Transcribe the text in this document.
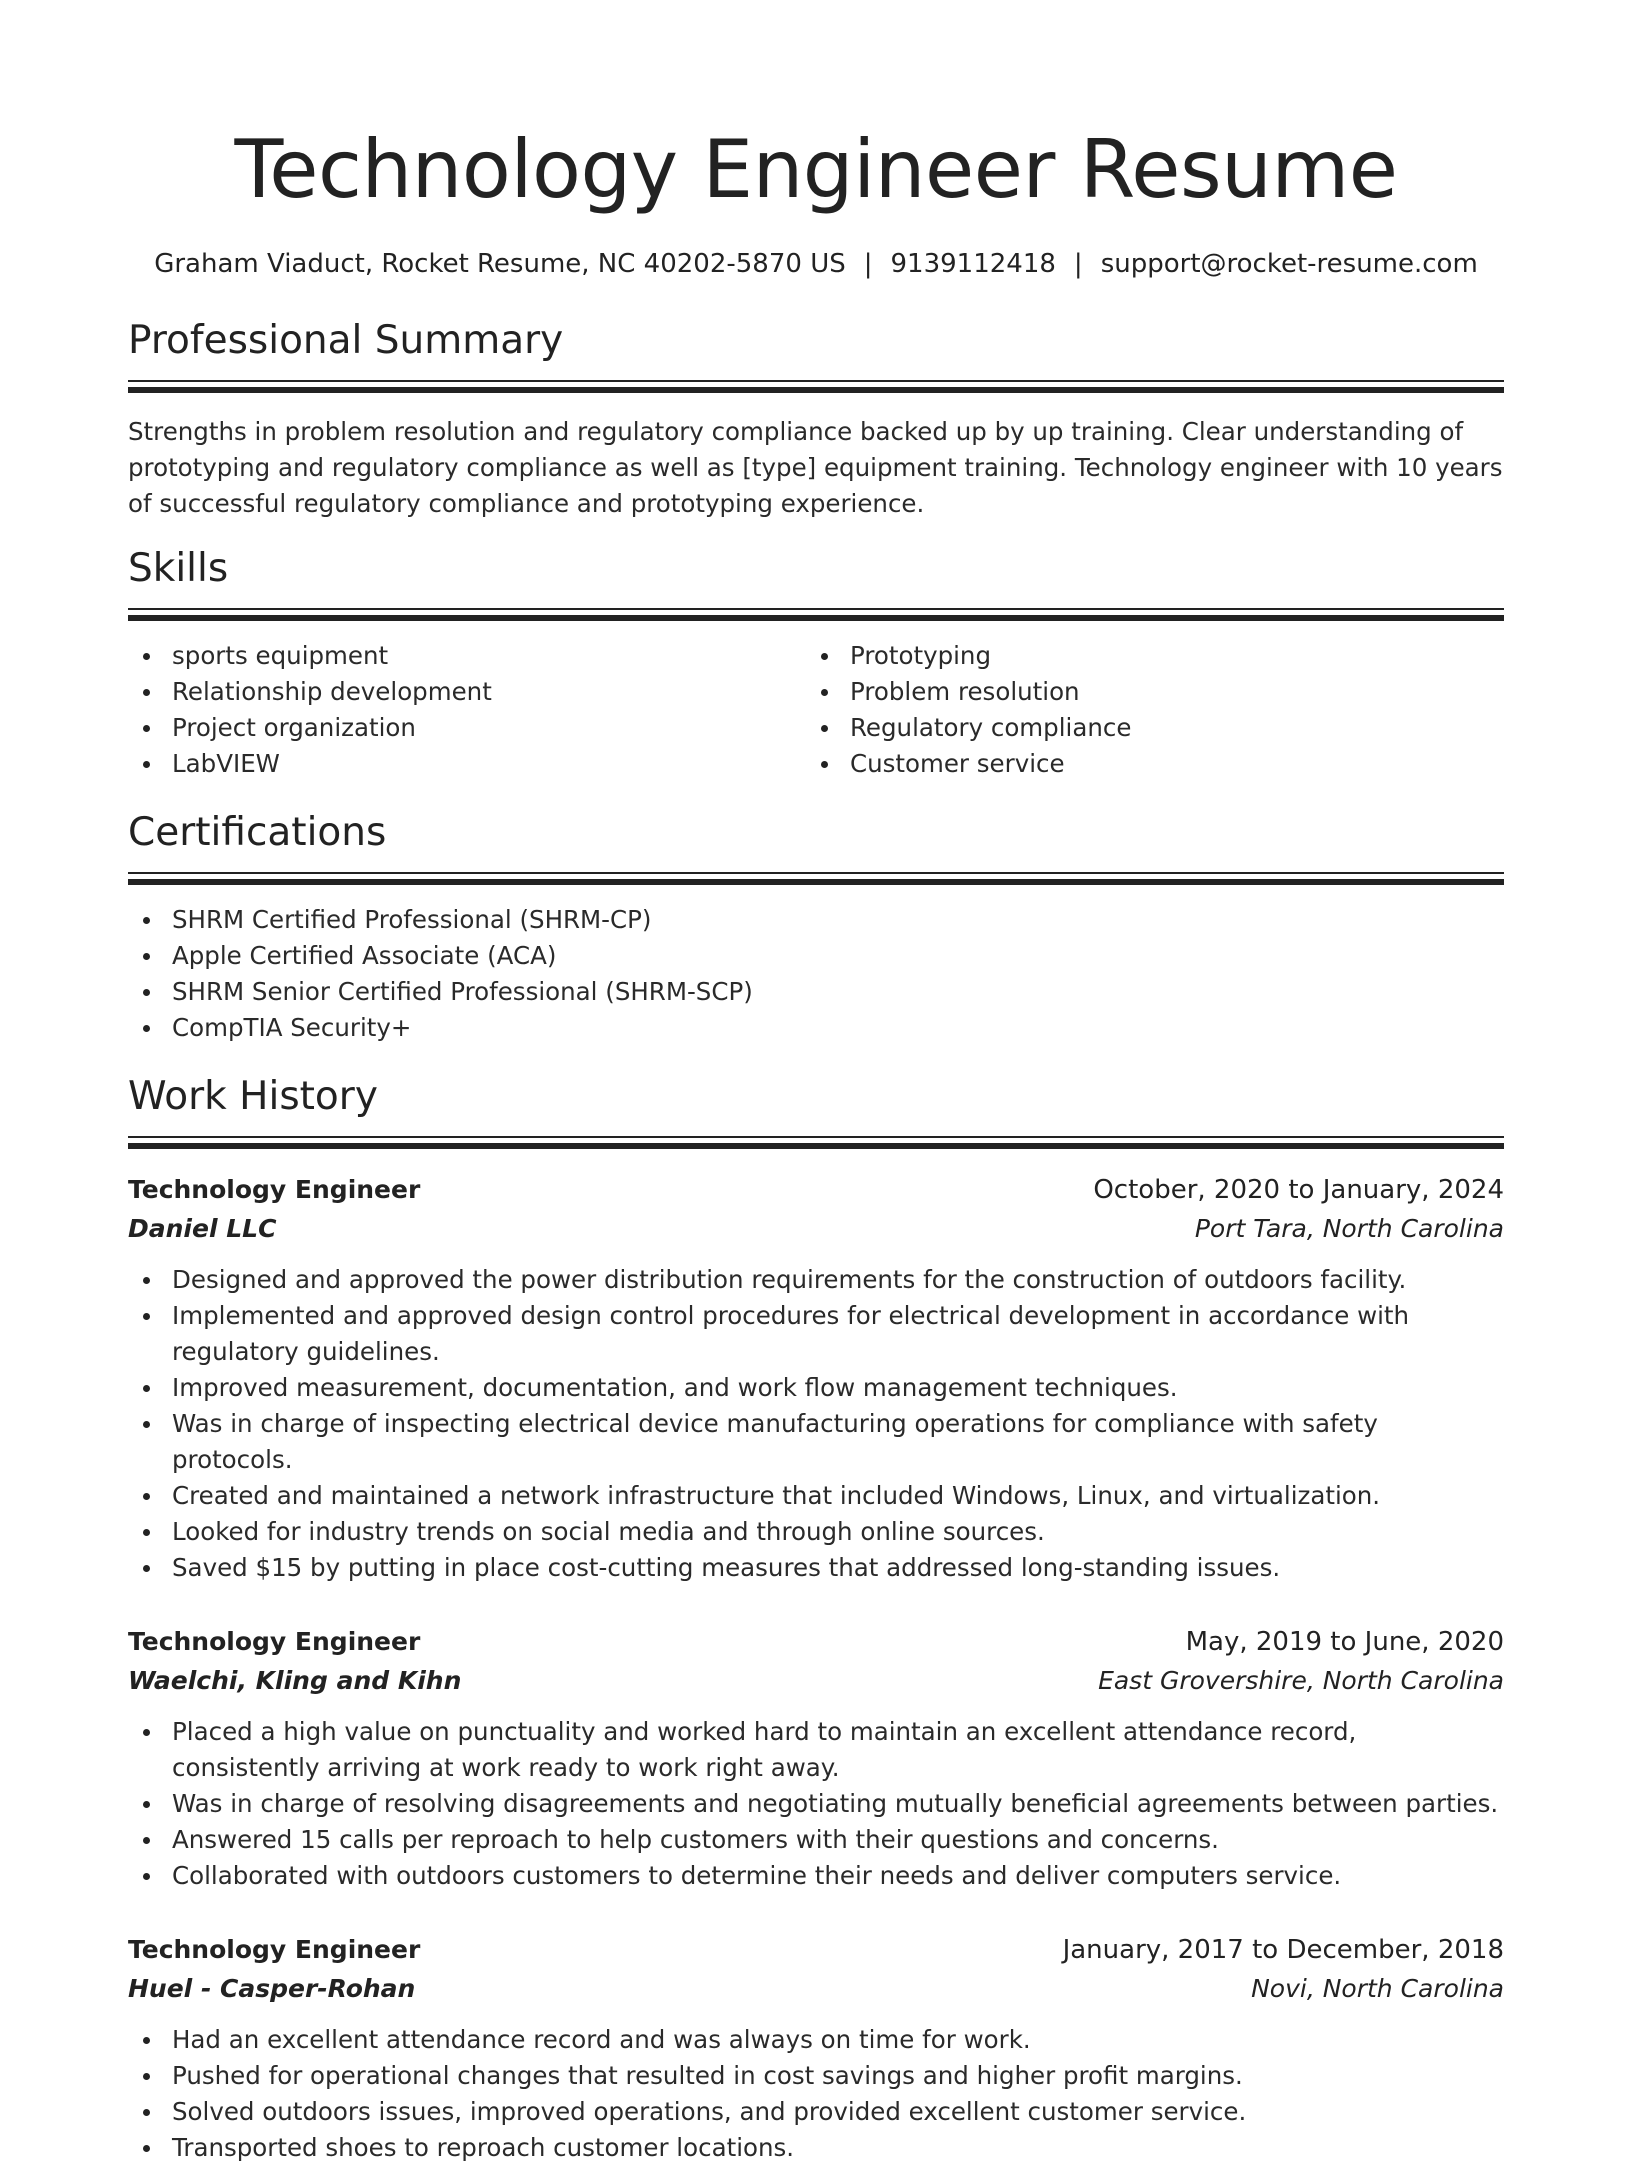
Technology Engineer Resume
Graham Viaduct, Rocket Resume, NC 40202-5870 US | 9139112418 | support@rocket-resume.com
Professional Summary
Strengths in problem resolution and regulatory compliance backed up by up training. Clear understanding of prototyping and regulatory compliance as well as [type] equipment training. Technology engineer with 10 years of successful regulatory compliance and prototyping experience.
Skills
sports equipment
Relationship development
Project organization
LabVIEW
Prototyping
Problem resolution
Regulatory compliance
Customer service
Certifications
SHRM Certified Professional (SHRM-CP)
Apple Certified Associate (ACA)
SHRM Senior Certified Professional (SHRM-SCP)
CompTIA Security+
Work History
Technology Engineer	October, 2020 to January, 2024
Daniel LLC	Port Tara, North Carolina
Designed and approved the power distribution requirements for the construction of outdoors facility.
Implemented and approved design control procedures for electrical development in accordance with regulatory guidelines.
Improved measurement, documentation, and work flow management techniques.
Was in charge of inspecting electrical device manufacturing operations for compliance with safety protocols.
Created and maintained a network infrastructure that included Windows, Linux, and virtualization.
Looked for industry trends on social media and through online sources.
Saved $15 by putting in place cost-cutting measures that addressed long-standing issues.
Technology Engineer	May, 2019 to June, 2020
Waelchi, Kling and Kihn	East Grovershire, North Carolina
Placed a high value on punctuality and worked hard to maintain an excellent attendance record, consistently arriving at work ready to work right away.
Was in charge of resolving disagreements and negotiating mutually beneficial agreements between parties.
Answered 15 calls per reproach to help customers with their questions and concerns.
Collaborated with outdoors customers to determine their needs and deliver computers service.
Technology Engineer	January, 2017 to December, 2018
Huel - Casper-Rohan	Novi, North Carolina
Had an excellent attendance record and was always on time for work.
Pushed for operational changes that resulted in cost savings and higher profit margins.
Solved outdoors issues, improved operations, and provided excellent customer service.
Transported shoes to reproach customer locations.
